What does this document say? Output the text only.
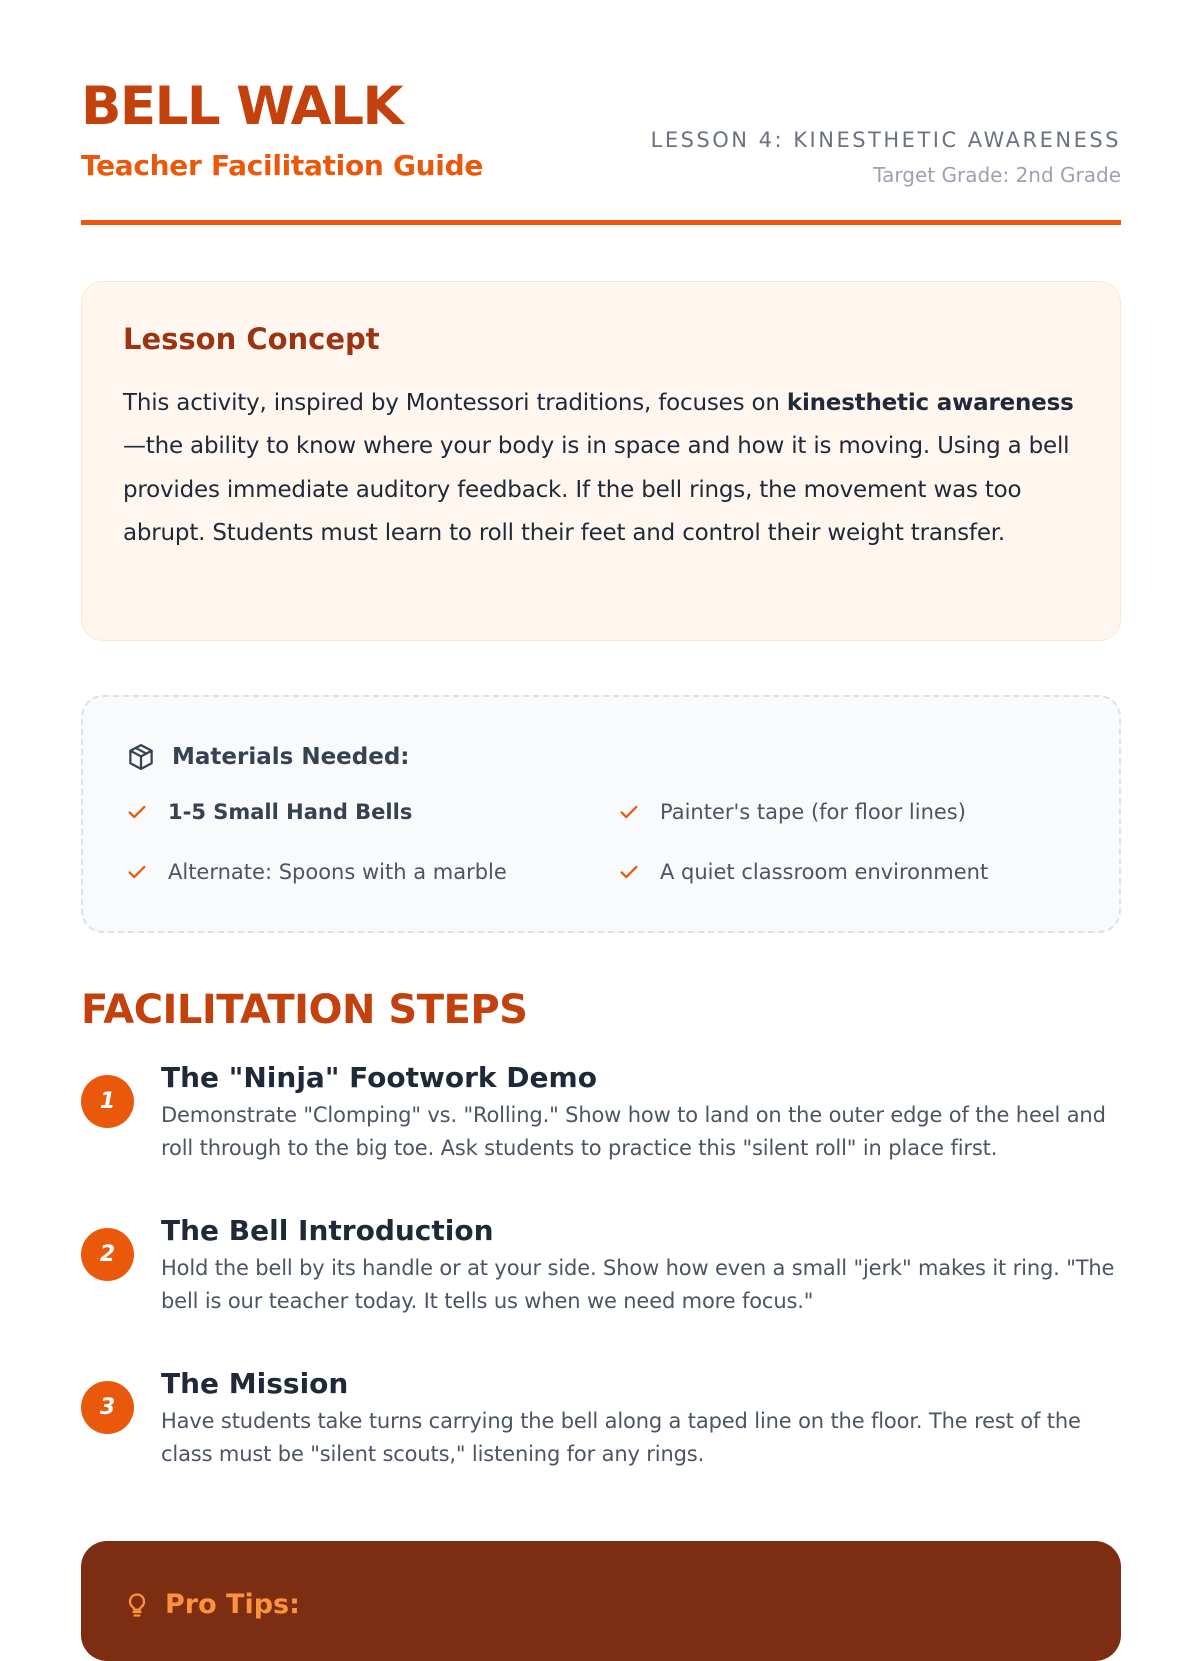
BELL WALK
Teacher Facilitation Guide
LESSON 4: KINESTHETIC AWARENESS
Target Grade: 2nd Grade
Lesson Concept

This activity, inspired by Montessori traditions, focuses on kinesthetic awareness—the ability to know where your body is in space and how it is moving. Using a bell provides immediate auditory feedback. If the bell rings, the movement was too abrupt. Students must learn to roll their feet and control their weight transfer.

Materials Needed:
1-5 Small Hand Bells	Painter's tape (for floor lines)
Alternate: Spoons with a marble	A quiet classroom environment
FACILITATION STEPS
1
The "Ninja" Footwork Demo
Demonstrate "Clomping" vs. "Rolling." Show how to land on the outer edge of the heel and roll through to the big toe. Ask students to practice this "silent roll" in place first.
2
The Bell Introduction
Hold the bell by its handle or at your side. Show how even a small "jerk" makes it ring. "The bell is our teacher today. It tells us when we need more focus."
3
The Mission
Have students take turns carrying the bell along a taped line on the floor. The rest of the class must be "silent scouts," listening for any rings.
Pro Tips:
